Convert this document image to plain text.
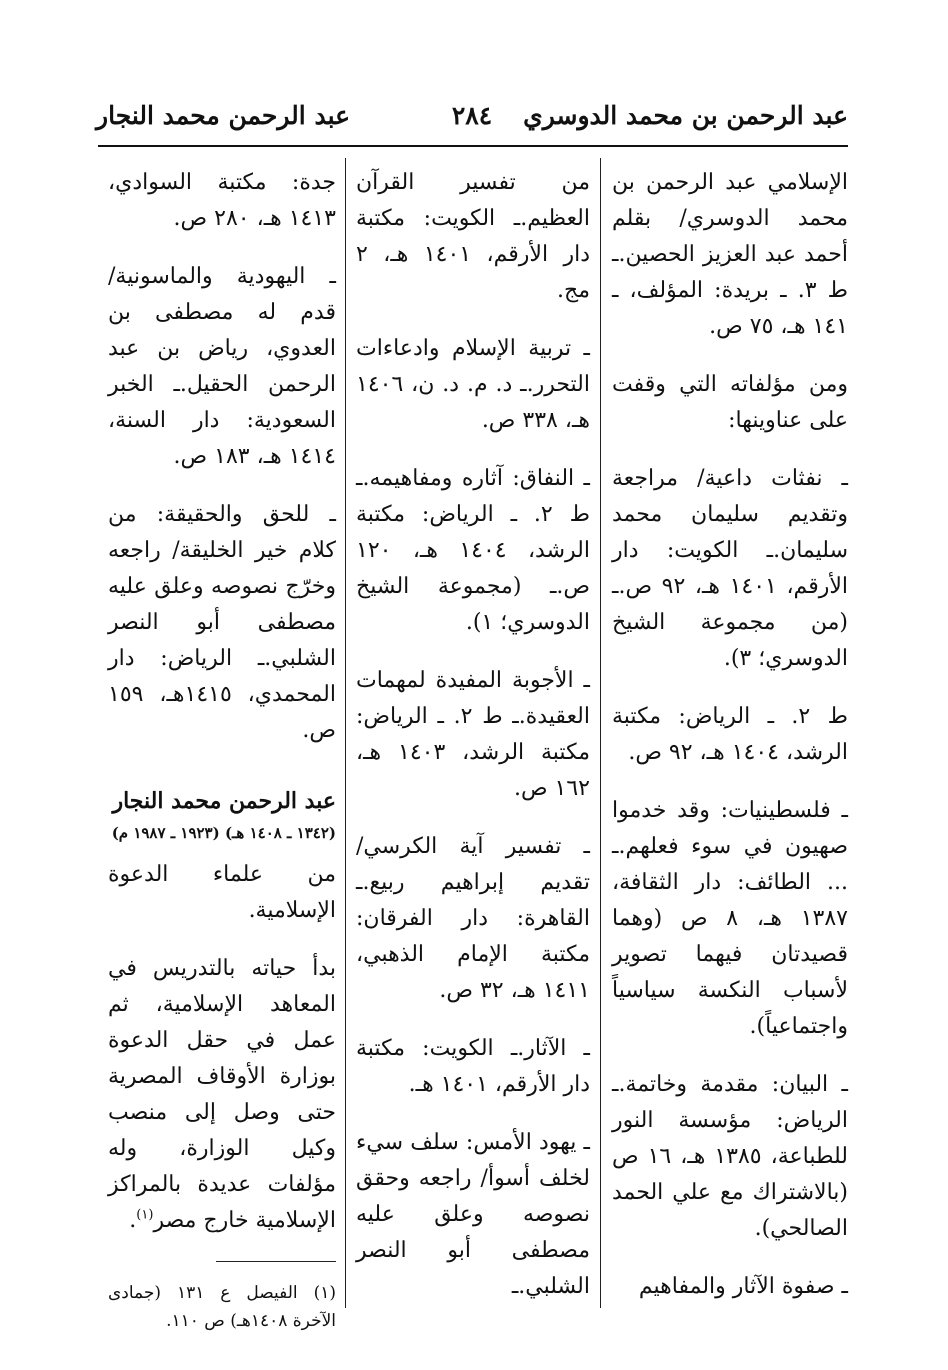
عبد الرحمن بن محمد الدوسري
٢٨٤
عبد الرحمن محمد النجار

الإسلامي عبد الرحمن بن محمد الدوسري/ بقلم أحمد عبد العزيز الحصين.ـ ط ٣. ـ بريدة: المؤلف، ـ ١٤١ هـ، ٧٥ ص.

ومن مؤلفاته التي وقفت على عناوينها:

ـ نفثات داعية/ مراجعة وتقديم سليمان محمد سليمان.ـ الكويت: دار الأرقم، ١٤٠١ هـ، ٩٢ ص.ـ (من مجموعة الشيخ الدوسري؛ ٣).

ط ٢. ـ الرياض: مكتبة الرشد، ١٤٠٤ هـ، ٩٢ ص.

ـ فلسطينيات: وقد خدموا صهيون في سوء فعلهم.ـ ... الطائف: دار الثقافة، ١٣٨٧ هـ، ٨ ص (وهما قصيدتان فيهما تصوير لأسباب النكسة سياسياً واجتماعياً).

ـ البيان: مقدمة وخاتمة.ـ الرياض: مؤسسة النور للطباعة، ١٣٨٥ هـ، ١٦ ص (بالاشتراك مع علي الحمد الصالحي).

ـ صفوة الآثار والمفاهيم

من تفسير القرآن العظيم.ـ الكويت: مكتبة دار الأرقم، ١٤٠١ هـ، ٢ مج.

ـ تربية الإسلام وادعاءات التحرر.ـ د. م. د. ن، ١٤٠٦ هـ، ٣٣٨ ص.

ـ النفاق: آثاره ومفاهيمه.ـ ط ٢. ـ الرياض: مكتبة الرشد، ١٤٠٤ هـ، ١٢٠ ص.ـ (مجموعة الشيخ الدوسري؛ ١).

ـ الأجوبة المفيدة لمهمات العقيدة.ـ ط ٢. ـ الرياض: مكتبة الرشد، ١٤٠٣ هـ، ١٦٢ ص.

ـ تفسير آية الكرسي/ تقديم إبراهيم ربيع.ـ القاهرة: دار الفرقان: مكتبة الإمام الذهبي، ١٤١١ هـ، ٣٢ ص.

ـ الآثار.ـ الكويت: مكتبة دار الأرقم، ١٤٠١ هـ.

ـ يهود الأمس: سلف سيء لخلف أسوأ/ راجعه وحقق نصوصه وعلق عليه مصطفى أبو النصر الشلبي.ـ

جدة: مكتبة السوادي، ١٤١٣ هـ، ٢٨٠ ص.

ـ اليهودية والماسونية/ قدم له مصطفى بن العدوي، رياض بن عبد الرحمن الحقيل.ـ الخبر السعودية: دار السنة، ١٤١٤ هـ، ١٨٣ ص.

ـ للحق والحقيقة: من كلام خير الخليقة/ راجعه وخرّج نصوصه وعلق عليه مصطفى أبو النصر الشلبي.ـ الرياض: دار المحمدي، ١٤١٥هـ، ١٥٩ ص.

عبد الرحمن محمد النجار
(١٣٤٢ ـ ١٤٠٨ هـ) (١٩٢٣ ـ ١٩٨٧ م)

من علماء الدعوة الإسلامية.

بدأ حياته بالتدريس في المعاهد الإسلامية، ثم عمل في حقل الدعوة بوزارة الأوقاف المصرية حتى وصل إلى منصب وكيل الوزارة، وله مؤلفات عديدة بالمراكز الإسلامية خارج مصر$^{(١)}$.

(١) الفيصل ع ١٣١ (جمادى الآخرة ١٤٠٨هـ) ص ١١٠.
